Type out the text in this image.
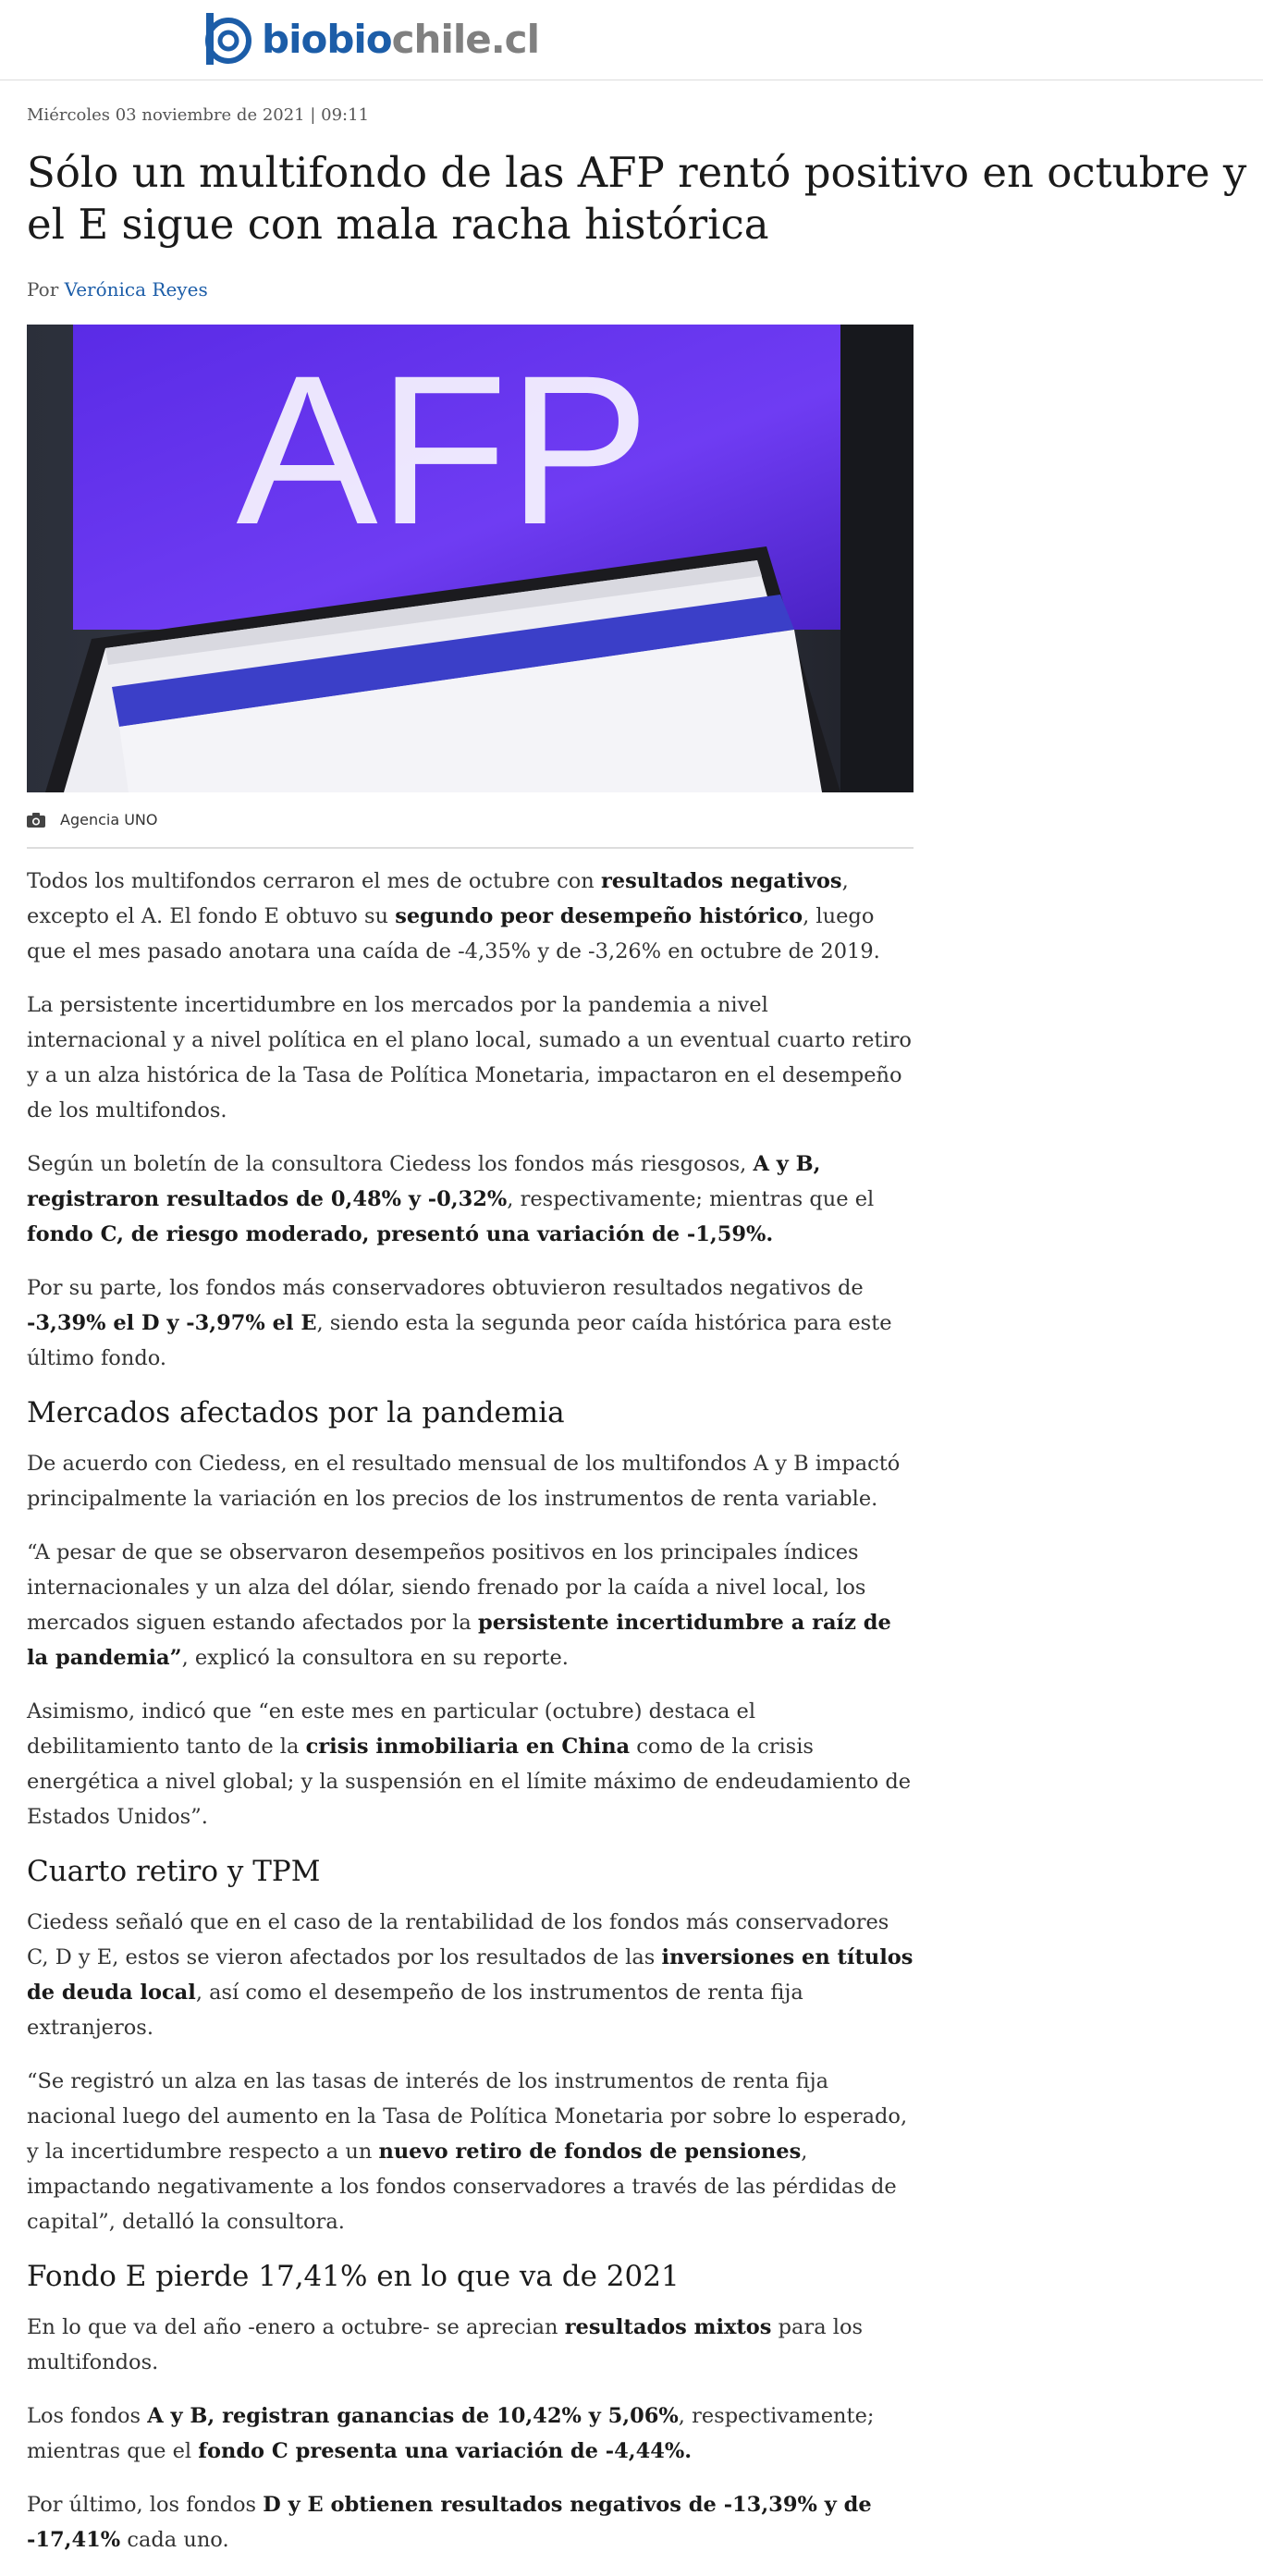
biobiochile.cl
Miércoles 03 noviembre de 2021 | 09:11
Sólo un multifondo de las AFP rentó positivo en octubre y el E sigue con mala racha histórica
Por Verónica Reyes
AFP
Agencia UNO

Todos los multifondos cerraron el mes de octubre con resultados negativos, excepto el A. El fondo E obtuvo su segundo peor desempeño histórico, luego que el mes pasado anotara una caída de -4,35% y de -3,26% en octubre de 2019.

La persistente incertidumbre en los mercados por la pandemia a nivel internacional y a nivel política en el plano local, sumado a un eventual cuarto retiro y a un alza histórica de la Tasa de Política Monetaria, impactaron en el desempeño de los multifondos.

Según un boletín de la consultora Ciedess los fondos más riesgosos, A y B, registraron resultados de 0,48% y -0,32%, respectivamente; mientras que el fondo C, de riesgo moderado, presentó una variación de -1,59%.

Por su parte, los fondos más conservadores obtuvieron resultados negativos de -3,39% el D y -3,97% el E, siendo esta la segunda peor caída histórica para este último fondo.

Mercados afectados por la pandemia

De acuerdo con Ciedess, en el resultado mensual de los multifondos A y B impactó principalmente la variación en los precios de los instrumentos de renta variable.

“A pesar de que se observaron desempeños positivos en los principales índices internacionales y un alza del dólar, siendo frenado por la caída a nivel local, los mercados siguen estando afectados por la persistente incertidumbre a raíz de la pandemia”, explicó la consultora en su reporte.

Asimismo, indicó que “en este mes en particular (octubre) destaca el debilitamiento tanto de la crisis inmobiliaria en China como de la crisis energética a nivel global; y la suspensión en el límite máximo de endeudamiento de Estados Unidos”.

Cuarto retiro y TPM

Ciedess señaló que en el caso de la rentabilidad de los fondos más conservadores C, D y E, estos se vieron afectados por los resultados de las inversiones en títulos de deuda local, así como el desempeño de los instrumentos de renta fija extranjeros.

“Se registró un alza en las tasas de interés de los instrumentos de renta fija nacional luego del aumento en la Tasa de Política Monetaria por sobre lo esperado, y la incertidumbre respecto a un nuevo retiro de fondos de pensiones, impactando negativamente a los fondos conservadores a través de las pérdidas de capital”, detalló la consultora.

Fondo E pierde 17,41% en lo que va de 2021

En lo que va del año -enero a octubre- se aprecian resultados mixtos para los multifondos.

Los fondos A y B, registran ganancias de 10,42% y 5,06%, respectivamente; mientras que el fondo C presenta una variación de -4,44%.

Por último, los fondos D y E obtienen resultados negativos de -13,39% y de -17,41% cada uno.
